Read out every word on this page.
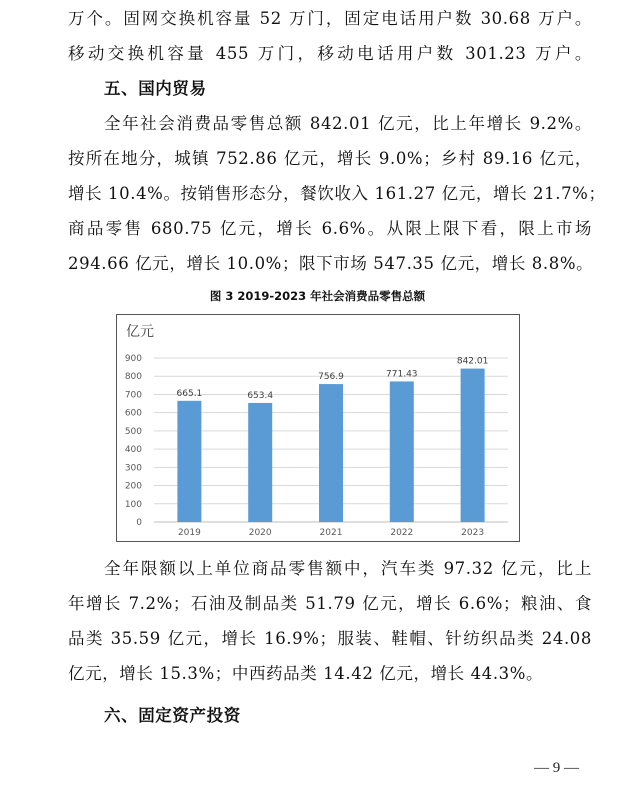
万个。固网交换机容量 52 万门，固定电话用户数 30.68 万户。

移动交换机容量 455 万门，移动电话用户数 301.23 万户。

五、国内贸易

全年社会消费品零售总额 842.01 亿元，比上年增长 9.2%。

按所在地分，城镇 752.86 亿元，增长 9.0%；乡村 89.16 亿元，

增长 10.4%。按销售形态分，餐饮收入 161.27 亿元，增长 21.7%；

商品零售 680.75 亿元，增长 6.6%。从限上限下看，限上市场

294.66 亿元，增长 10.0%；限下市场 547.35 亿元，增长 8.8%。

图 3 2019-2023 年社会消费品零售总额
亿元
0
100
200
300
400
500
600
700
800
900
665.1	653.4
756.9	771.43
842.01
2019	2020	2021	2022	2023

全年限额以上单位商品零售额中，汽车类 97.32 亿元，比上

年增长 7.2%；石油及制品类 51.79 亿元，增长 6.6%；粮油、食

品类 35.59 亿元，增长 16.9%；服装、鞋帽、针纺织品类 24.08

亿元，增长 15.3%；中西药品类 14.42 亿元，增长 44.3%。

六、固定资产投资

— 9 —
